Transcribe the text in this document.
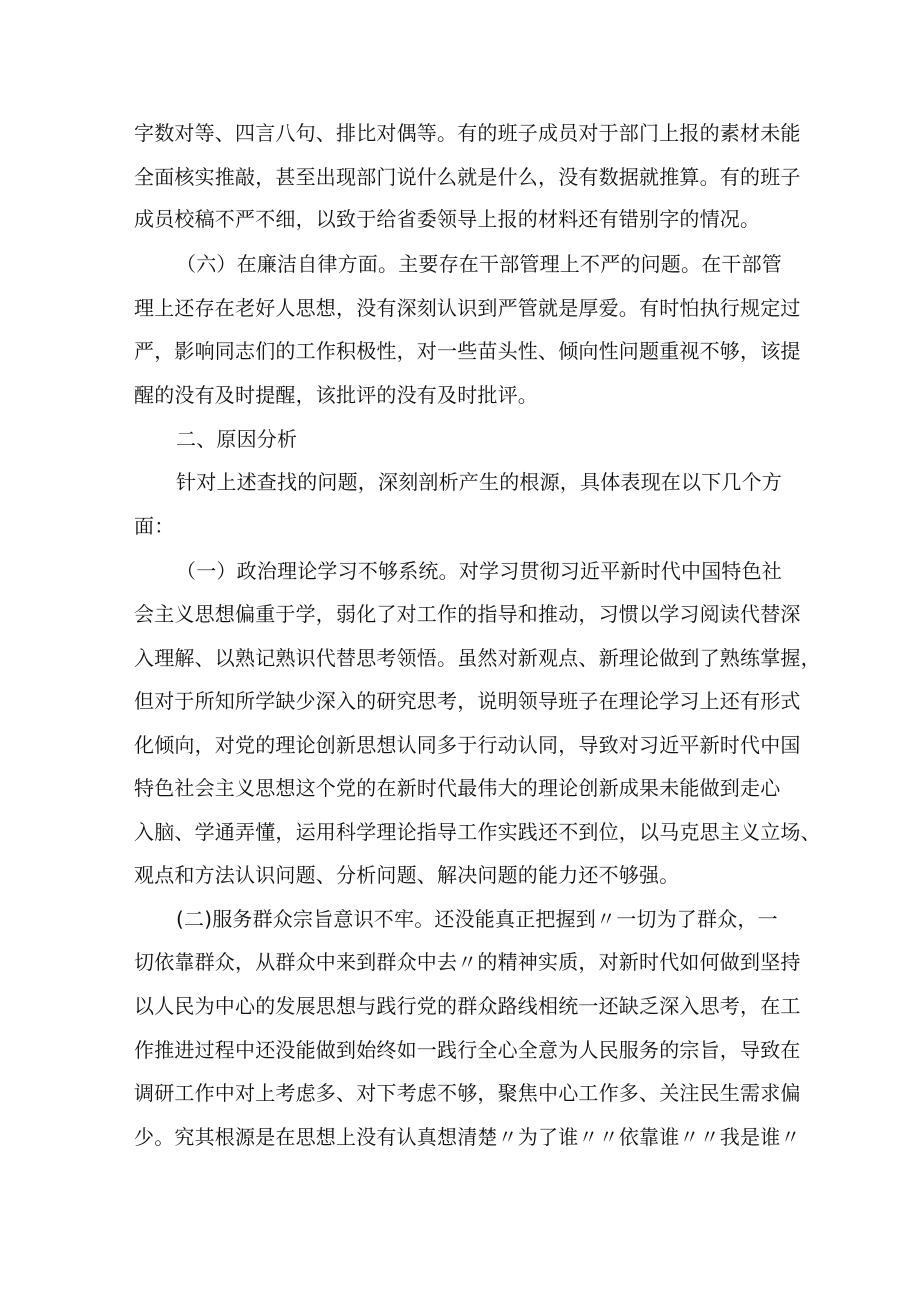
字数对等、四言八句、排比对偶等。有的班子成员对于部门上报的素材未能
全面核实推敲，甚至出现部门说什么就是什么，没有数据就推算。有的班子
成员校稿不严不细，以致于给省委领导上报的材料还有错别字的情况。
（六）在廉洁自律方面。主要存在干部管理上不严的问题。在干部管
理上还存在老好人思想，没有深刻认识到严管就是厚爱。有时怕执行规定过
严，影响同志们的工作积极性，对一些苗头性、倾向性问题重视不够，该提
醒的没有及时提醒，该批评的没有及时批评。
二、原因分析
针对上述查找的问题，深刻剖析产生的根源，具体表现在以下几个方
面：
（一）政治理论学习不够系统。对学习贯彻习近平新时代中国特色社
会主义思想偏重于学，弱化了对工作的指导和推动，习惯以学习阅读代替深
入理解、以熟记熟识代替思考领悟。虽然对新观点、新理论做到了熟练掌握，
但对于所知所学缺少深入的研究思考，说明领导班子在理论学习上还有形式
化倾向，对党的理论创新思想认同多于行动认同，导致对习近平新时代中国
特色社会主义思想这个党的在新时代最伟大的理论创新成果未能做到走心
入脑、学通弄懂，运用科学理论指导工作实践还不到位，以马克思主义立场、
观点和方法认识问题、分析问题、解决问题的能力还不够强。
(二)服务群众宗旨意识不牢。还没能真正把握到〃一切为了群众，一
切依靠群众，从群众中来到群众中去〃的精神实质，对新时代如何做到坚持
以人民为中心的发展思想与践行党的群众路线相统一还缺乏深入思考，在工
作推进过程中还没能做到始终如一践行全心全意为人民服务的宗旨，导致在
调研工作中对上考虑多、对下考虑不够，聚焦中心工作多、关注民生需求偏
少。究其根源是在思想上没有认真想清楚〃为了谁〃〃依靠谁〃〃我是谁〃
